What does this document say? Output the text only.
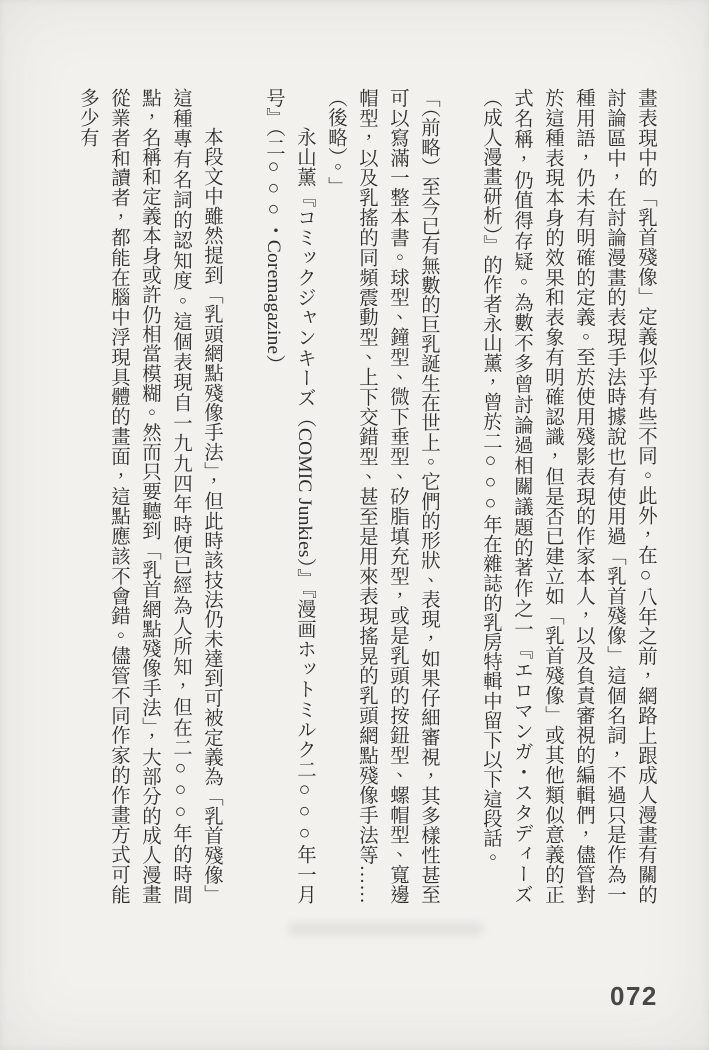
畫表現中的「乳首殘像」定義似乎有些不同。此外，在○八年之前，網路上跟成人漫畫有關的討論區中，在討論漫畫的表現手法時據說也有使用過「乳首殘像」這個名詞，不過只是作為一種用語，仍未有明確的定義。至於使用殘影表現的作家本人，以及負責審視的編輯們，儘管對於這種表現本身的效果和表象有明確認識，但是否已建立如「乳首殘像」或其他類似意義的正式名稱，仍值得存疑。為數不多曾討論過相關議題的著作之一『エロマンガ・スタディーズ（成人漫畫研析）』的作者永山薰，曾於二○○○年在雜誌的乳房特輯中留下以下這段話。

「（前略）至今已有無數的巨乳誕生在世上。它們的形狀、表現，如果仔細審視，其多樣性甚至可以寫滿一整本書。球型、鐘型、微下垂型、矽脂填充型，或是乳頭的按鈕型、螺帽型、寬邊帽型，以及乳搖的同頻震動型、上下交錯型、甚至是用來表現搖晃的乳頭網點殘像手法等……（後略）。」

永山薰『コミックジャンキーズ（COMIC Junkies）』『漫画ホットミルク二○○○年一月号』（二○○○・Coremagazine）

本段文中雖然提到「乳頭網點殘像手法」，但此時該技法仍未達到可被定義為「乳首殘像」這種專有名詞的認知度。這個表現自一九九四年時便已經為人所知，但在二○○○年的時間點，名稱和定義本身或許仍相當模糊。然而只要聽到「乳首網點殘像手法」，大部分的成人漫畫從業者和讀者，都能在腦中浮現具體的畫面，這點應該不會錯。儘管不同作家的作畫方式可能多少有

072
